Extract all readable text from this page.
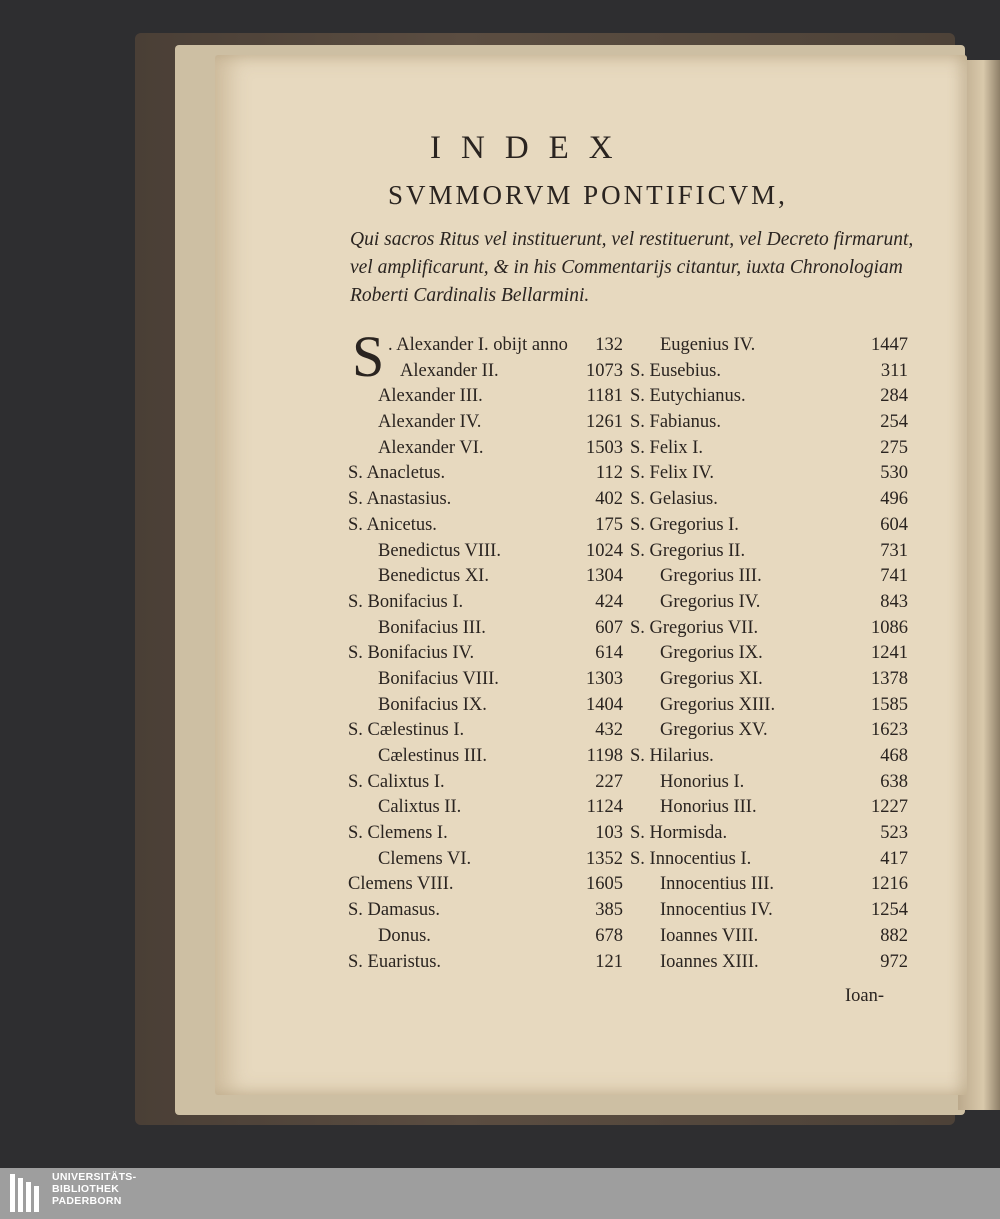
INDEX
SVMMORVM PONTIFICVM,
Qui sacros Ritus vel instituerunt, vel restituerunt, vel Decreto firmarunt, vel amplificarunt, & in his Commentarijs citantur, iuxta Chronologiam Roberti Cardinalis Bellarmini.
S . Alexander I. obijt anno 132
Alexander II.	1073
Alexander III.	1181
Alexander IV.	1261
Alexander VI.	1503
S. Anacletus.	112
S. Anastasius.	402
S. Anicetus.	175
Benedictus VIII.	1024
Benedictus XI.	1304
S. Bonifacius I.	424
Bonifacius III.	607
S. Bonifacius IV.	614
Bonifacius VIII.	1303
Bonifacius IX.	1404
S. Cælestinus I.	432
Cælestinus III.	1198
S. Calixtus I.	227
Calixtus II.	1124
S. Clemens I.	103
Clemens VI.	1352
Clemens VIII.	1605
S. Damasus.	385
Donus.	678
S. Euaristus.	121
Eugenius IV.	1447
S. Eusebius.	311
S. Eutychianus.	284
S. Fabianus.	254
S. Felix I.	275
S. Felix IV.	530
S. Gelasius.	496
S. Gregorius I.	604
S. Gregorius II.	731
Gregorius III.	741
Gregorius IV.	843
S. Gregorius VII.	1086
Gregorius IX.	1241
Gregorius XI.	1378
Gregorius XIII.	1585
Gregorius XV.	1623
S. Hilarius.	468
Honorius I.	638
Honorius III.	1227
S. Hormisda.	523
S. Innocentius I.	417
Innocentius III.	1216
Innocentius IV.	1254
Ioannes VIII.	882
Ioannes XIII.	972
Ioan-
UNIVERSITÄTS-
BIBLIOTHEK
PADERBORN
